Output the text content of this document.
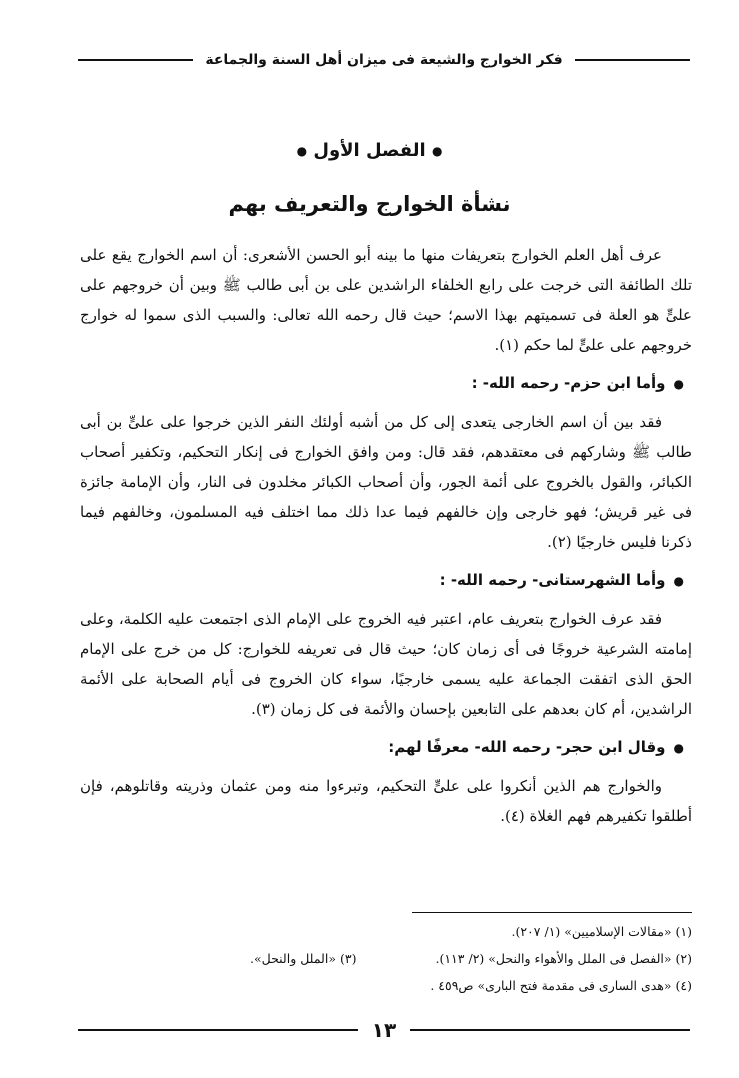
فكر الخوارج والشيعة فى ميزان أهل السنة والجماعة
● الفصل الأول ●
نشأة الخوارج والتعريف بهم

عرف أهل العلم الخوارج بتعريفات منها ما بينه أبو الحسن الأشعرى: أن اسم الخوارج يقع على تلك الطائفة التى خرجت على رابع الخلفاء الراشدين على بن أبى طالب ﷺ وبين أن خروجهم على علىٍّ هو العلة فى تسميتهم بهذا الاسم؛ حيث قال رحمه الله تعالى: والسبب الذى سموا له خوارج خروجهم على علىٍّ لما حكم (١).

●وأما ابن حزم- رحمه الله- :

فقد بين أن اسم الخارجى يتعدى إلى كل من أشبه أولئك النفر الذين خرجوا على علىٍّ بن أبى طالب ﷺ وشاركهم فى معتقدهم، فقد قال: ومن وافق الخوارج فى إنكار التحكيم، وتكفير أصحاب الكبائر، والقول بالخروج على أئمة الجور، وأن أصحاب الكبائر مخلدون فى النار، وأن الإمامة جائزة فى غير قريش؛ فهو خارجى وإن خالفهم فيما عدا ذلك مما اختلف فيه المسلمون، وخالفهم فيما ذكرنا فليس خارجيًا (٢).

●وأما الشهرستانى- رحمه الله- :

فقد عرف الخوارج بتعريف عام، اعتبر فيه الخروج على الإمام الذى اجتمعت عليه الكلمة، وعلى إمامته الشرعية خروجًا فى أى زمان كان؛ حيث قال فى تعريفه للخوارج: كل من خرج على الإمام الحق الذى اتفقت الجماعة عليه يسمى خارجيًا، سواء كان الخروج فى أيام الصحابة على الأئمة الراشدين، أم كان بعدهم على التابعين بإحسان والأئمة فى كل زمان (٣).

●وقال ابن حجر- رحمه الله- معرفًا لهم:

والخوارج هم الذين أنكروا على علىٍّ التحكيم، وتبرءوا منه ومن عثمان وذريته وقاتلوهم، فإن أطلقوا تكفيرهم فهم الغلاة (٤).

(١) «مقالات الإسلاميين» (١/ ٢٠٧).
(٢) «الفصل فى الملل والأهواء والنحل» (٢/ ١١٣).
(٣) «الملل والنحل».
(٤) «هدى السارى فى مقدمة فتح البارى» ص٤٥٩ .
١٣
